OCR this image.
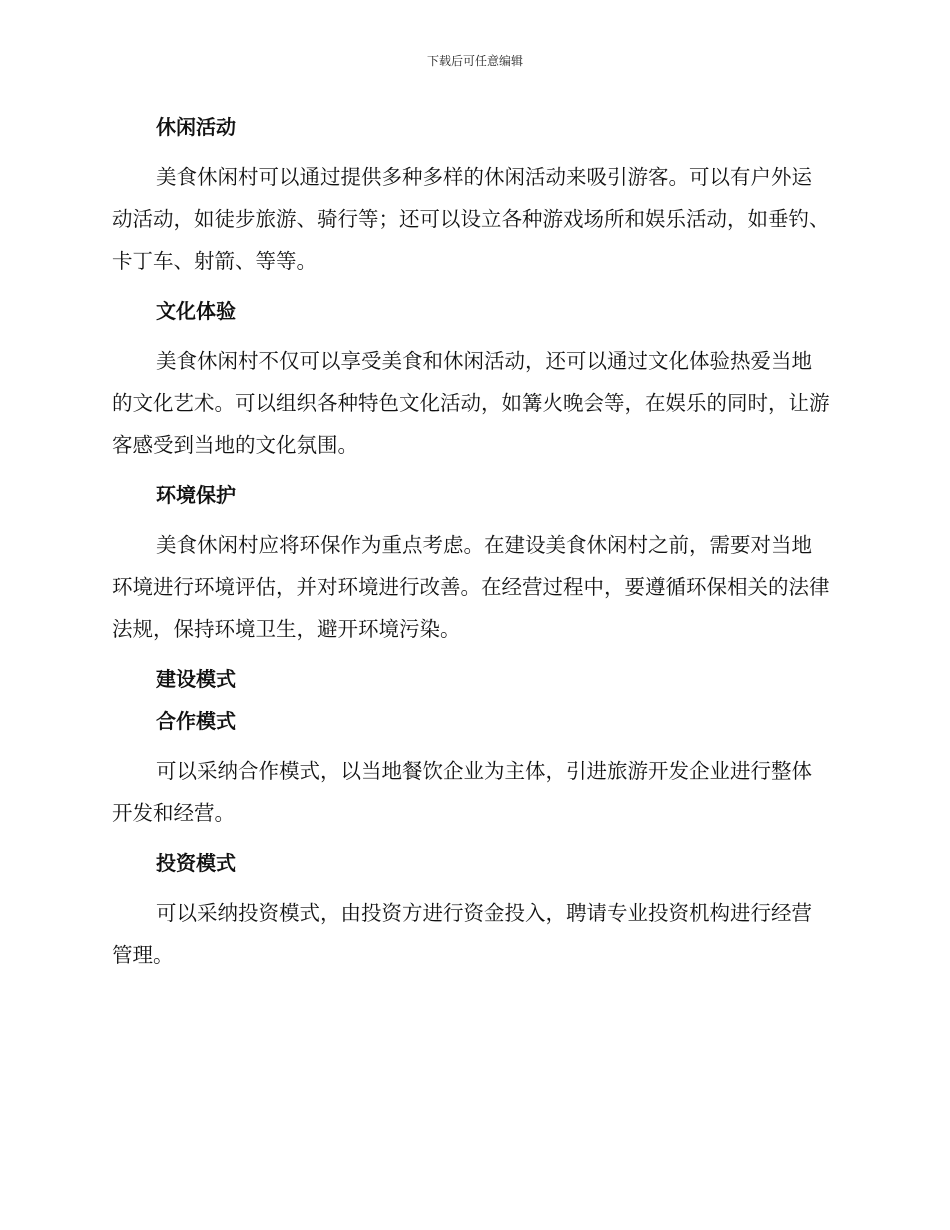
下载后可任意编辑
休闲活动

美食休闲村可以通过提供多种多样的休闲活动来吸引游客。可以有户外运动活动，如徒步旅游、骑行等；还可以设立各种游戏场所和娱乐活动，如垂钓、卡丁车、射箭、等等。

文化体验

美食休闲村不仅可以享受美食和休闲活动，还可以通过文化体验热爱当地的文化艺术。可以组织各种特色文化活动，如篝火晚会等，在娱乐的同时，让游客感受到当地的文化氛围。

环境保护

美食休闲村应将环保作为重点考虑。在建设美食休闲村之前，需要对当地环境进行环境评估，并对环境进行改善。在经营过程中，要遵循环保相关的法律法规，保持环境卫生，避开环境污染。

建设模式
合作模式

可以采纳合作模式，以当地餐饮企业为主体，引进旅游开发企业进行整体开发和经营。

投资模式

可以采纳投资模式，由投资方进行资金投入，聘请专业投资机构进行经营管理。
